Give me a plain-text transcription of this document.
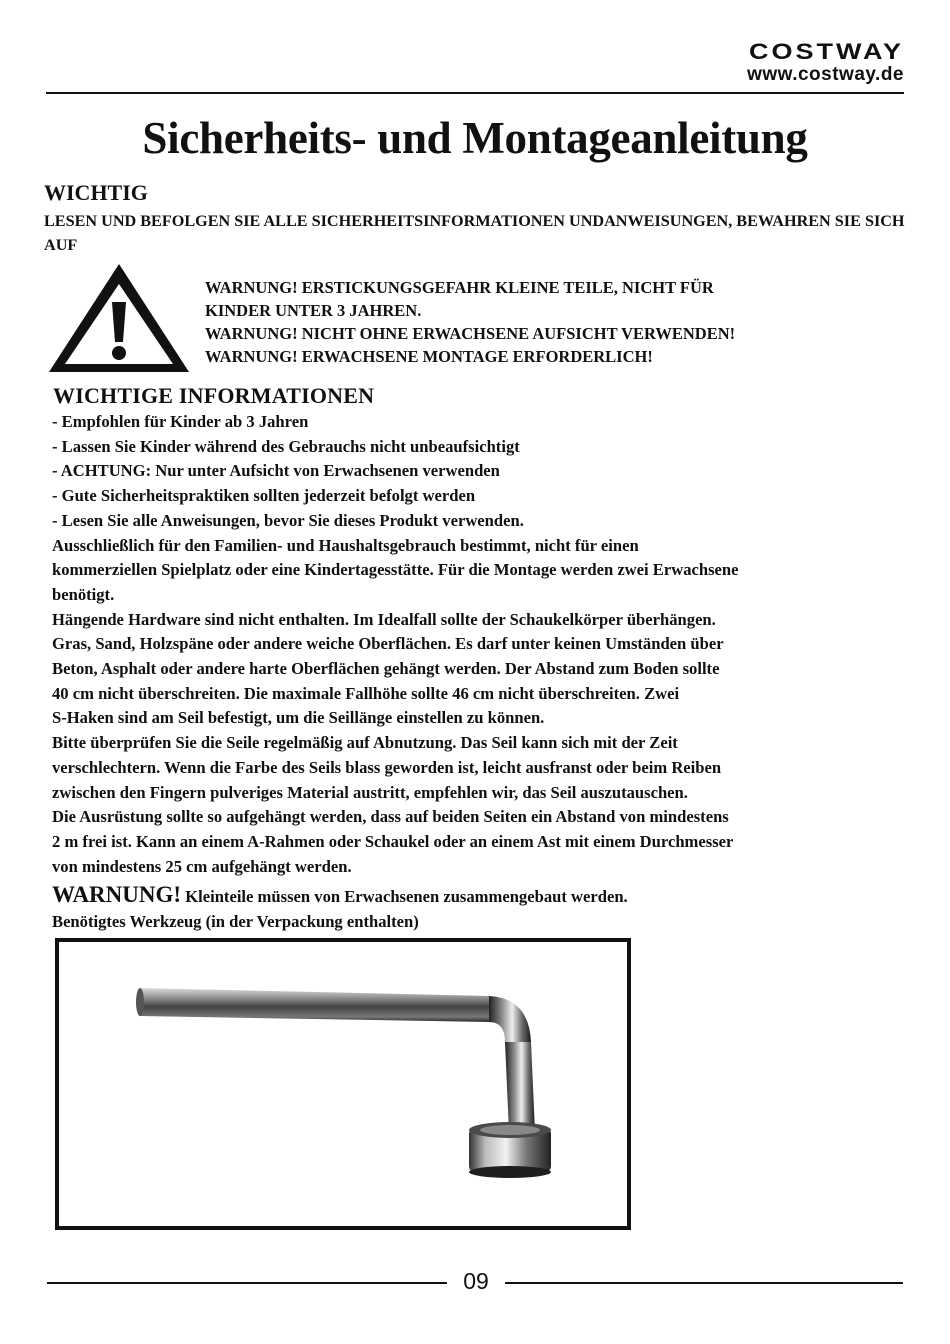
COSTWAY
www.costway.de
Sicherheits- und Montageanleitung
WICHTIG
LESEN UND BEFOLGEN SIE ALLE SICHERHEITSINFORMATIONEN UNDANWEISUNGEN, BEWAHREN SIE SICH AUF
WARNUNG! ERSTICKUNGSGEFAHR KLEINE TEILE, NICHT FÜR
KINDER UNTER 3 JAHREN.
WARNUNG! NICHT OHNE ERWACHSENE AUFSICHT VERWENDEN!
WARNUNG! ERWACHSENE MONTAGE ERFORDERLICH!
WICHTIGE INFORMATIONEN
- Empfohlen für Kinder ab 3 Jahren
- Lassen Sie Kinder während des Gebrauchs nicht unbeaufsichtigt
- ACHTUNG: Nur unter Aufsicht von Erwachsenen verwenden
- Gute Sicherheitspraktiken sollten jederzeit befolgt werden
- Lesen Sie alle Anweisungen, bevor Sie dieses Produkt verwenden.
Ausschließlich für den Familien- und Haushaltsgebrauch bestimmt, nicht für einen
kommerziellen Spielplatz oder eine Kindertagesstätte. Für die Montage werden zwei Erwachsene
benötigt.
Hängende Hardware sind nicht enthalten. Im Idealfall sollte der Schaukelkörper überhängen.
Gras, Sand, Holzspäne oder andere weiche Oberflächen. Es darf unter keinen Umständen über
Beton, Asphalt oder andere harte Oberflächen gehängt werden. Der Abstand zum Boden sollte
40 cm nicht überschreiten. Die maximale Fallhöhe sollte 46 cm nicht überschreiten. Zwei
S-Haken sind am Seil befestigt, um die Seillänge einstellen zu können.
Bitte überprüfen Sie die Seile regelmäßig auf Abnutzung. Das Seil kann sich mit der Zeit
verschlechtern. Wenn die Farbe des Seils blass geworden ist, leicht ausfranst oder beim Reiben
zwischen den Fingern pulveriges Material austritt, empfehlen wir, das Seil auszutauschen.
Die Ausrüstung sollte so aufgehängt werden, dass auf beiden Seiten ein Abstand von mindestens
2 m frei ist. Kann an einem A-Rahmen oder Schaukel oder an einem Ast mit einem Durchmesser
von mindestens 25 cm aufgehängt werden.
WARNUNG! Kleinteile müssen von Erwachsenen zusammengebaut werden.
Benötigtes Werkzeug (in der Verpackung enthalten)
09
